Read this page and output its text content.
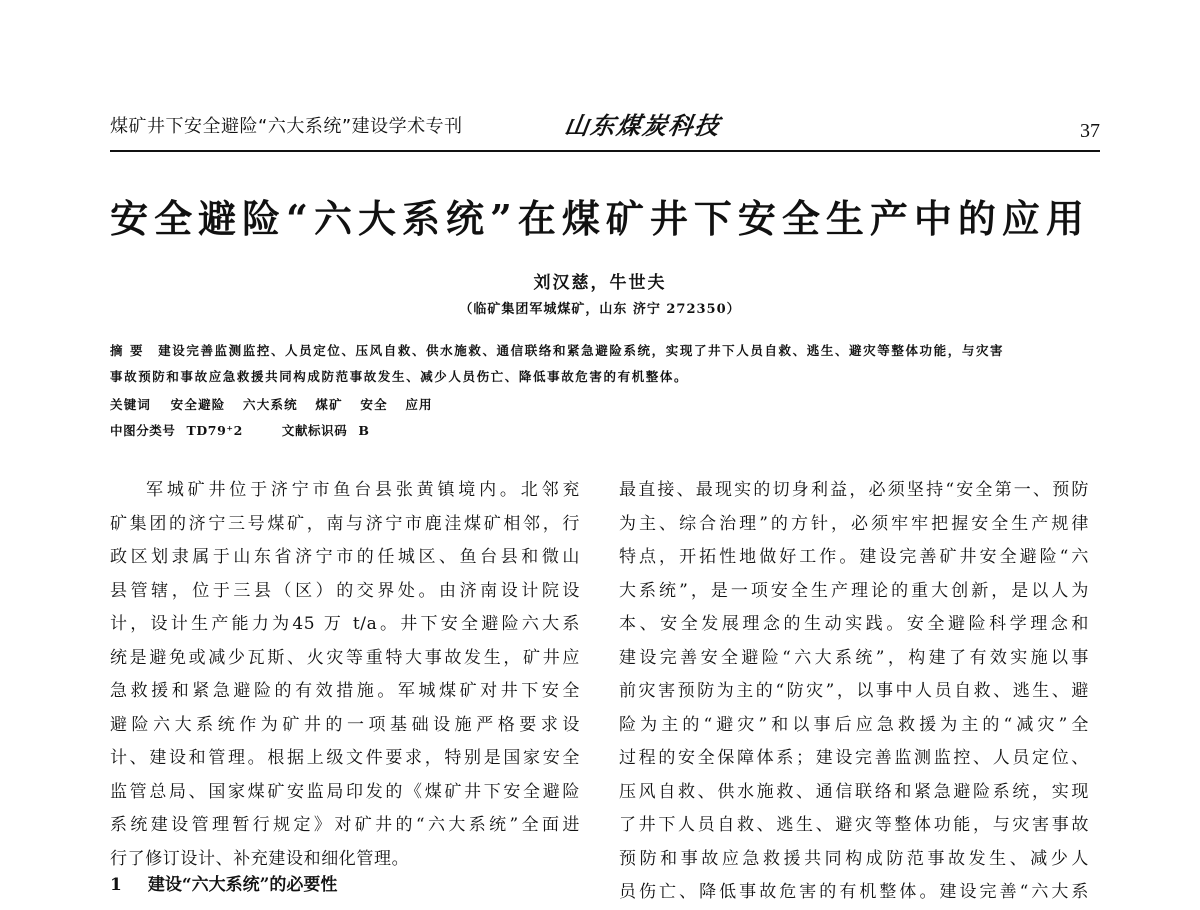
煤矿井下安全避险“六大系统”建设学术专刊	山东煤炭科技	37
安全避险“六大系统”在煤矿井下安全生产中的应用
刘汉慈，牛世夫
（临矿集团军城煤矿，山东 济宁 272350）
摘 要 建设完善监测监控、人员定位、压风自救、供水施救、通信联络和紧急避险系统，实现了井下人员自救、逃生、避灾等整体功能，与灾害
事故预防和事故应急救援共同构成防范事故发生、减少人员伤亡、降低事故危害的有机整体。
关键词 安全避险 六大系统 煤矿 安全 应用
中图分类号 TD79⁺2	文献标识码 B
军城矿井位于济宁市鱼台县张黄镇境内。北邻兖
矿集团的济宁三号煤矿，南与济宁市鹿洼煤矿相邻，行
政区划隶属于山东省济宁市的任城区、鱼台县和微山
县管辖，位于三县（区）的交界处。由济南设计院设
计，设计生产能力为45 万 t/a。井下安全避险六大系
统是避免或减少瓦斯、火灾等重特大事故发生，矿井应
急救援和紧急避险的有效措施。军城煤矿对井下安全
避险六大系统作为矿井的一项基础设施严格要求设
计、建设和管理。根据上级文件要求，特别是国家安全
监管总局、国家煤矿安监局印发的《煤矿井下安全避险
系统建设管理暂行规定》对矿井的“六大系统”全面进
行了修订设计、补充建设和细化管理。
1 建设“六大系统”的必要性
最直接、最现实的切身利益，必须坚持“安全第一、预防
为主、综合治理”的方针，必须牢牢把握安全生产规律
特点，开拓性地做好工作。建设完善矿井安全避险“六
大系统”，是一项安全生产理论的重大创新，是以人为
本、安全发展理念的生动实践。安全避险科学理念和
建设完善安全避险“六大系统”，构建了有效实施以事
前灾害预防为主的“防灾”，以事中人员自救、逃生、避
险为主的“避灾”和以事后应急救援为主的“减灾”全
过程的安全保障体系；建设完善监测监控、人员定位、
压风自救、供水施救、通信联络和紧急避险系统，实现
了井下人员自救、逃生、避灾等整体功能，与灾害事故
预防和事故应急救援共同构成防范事故发生、减少人
员伤亡、降低事故危害的有机整体。建设完善“六大系
